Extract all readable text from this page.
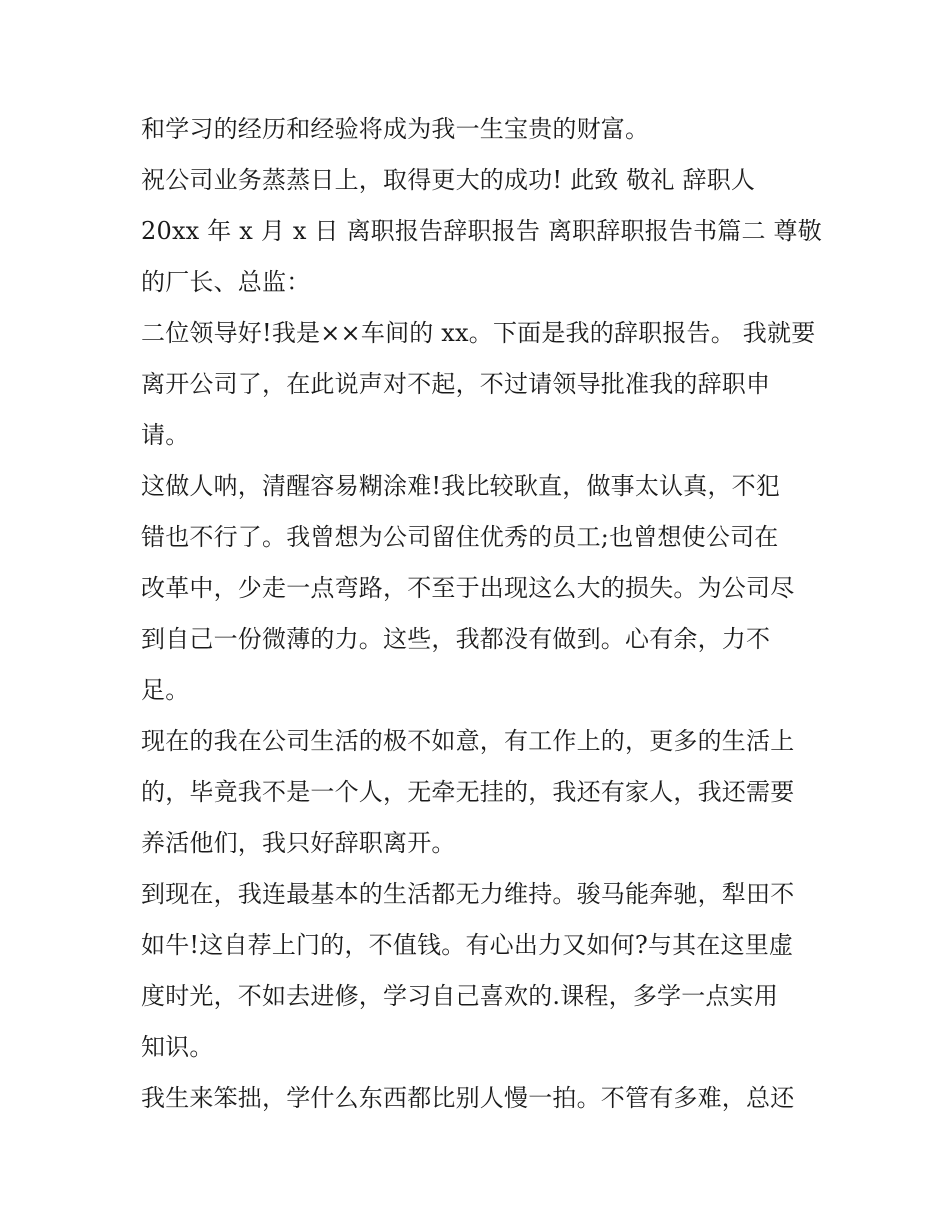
和学习的经历和经验将成为我一生宝贵的财富。
祝公司业务蒸蒸日上，取得更大的成功! 此致 敬礼 辞职人
20xx 年 x 月 x 日 离职报告辞职报告 离职辞职报告书篇二 尊敬
的厂长、总监：
二位领导好!我是××车间的 xx。下面是我的辞职报告。 我就要
离开公司了，在此说声对不起，不过请领导批准我的辞职申
请。
这做人呐，清醒容易糊涂难!我比较耿直，做事太认真，不犯
错也不行了。我曾想为公司留住优秀的员工;也曾想使公司在
改革中，少走一点弯路，不至于出现这么大的损失。为公司尽
到自己一份微薄的力。这些，我都没有做到。心有余，力不
足。
现在的我在公司生活的极不如意，有工作上的，更多的生活上
的，毕竟我不是一个人，无牵无挂的，我还有家人，我还需要
养活他们，我只好辞职离开。
到现在，我连最基本的生活都无力维持。骏马能奔驰，犁田不
如牛!这自荐上门的，不值钱。有心出力又如何?与其在这里虚
度时光，不如去进修，学习自己喜欢的.课程，多学一点实用
知识。
我生来笨拙，学什么东西都比别人慢一拍。不管有多难，总还
